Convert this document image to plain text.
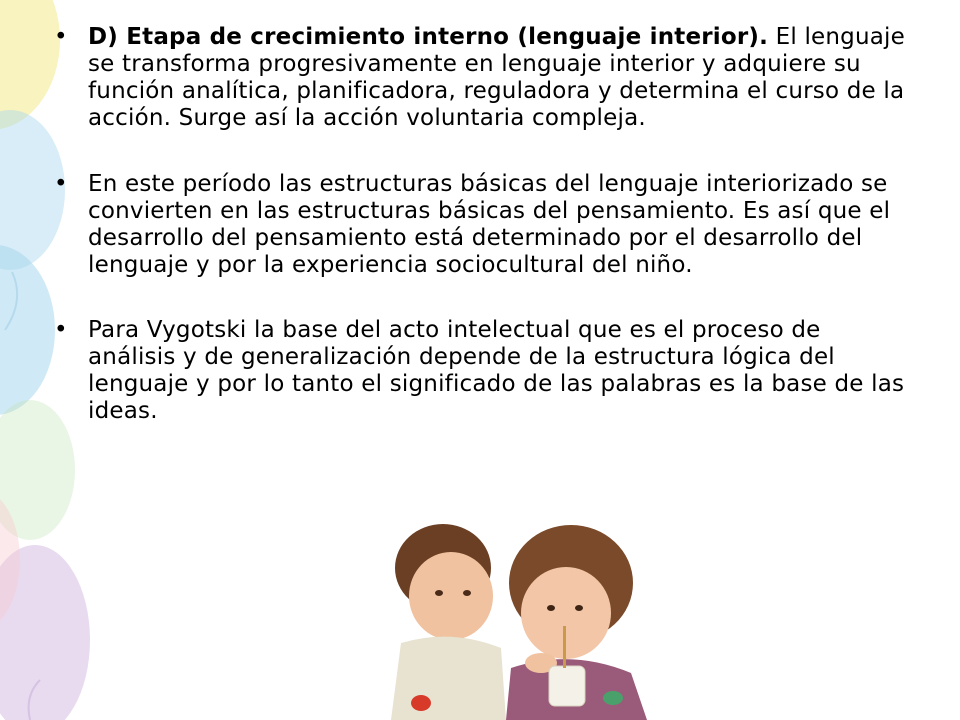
• D) Etapa de crecimiento interno (lenguaje interior). El lenguaje se transforma progresivamente en lenguaje interior y adquiere su función analítica, planificadora, reguladora y determina el curso de la acción. Surge así la acción voluntaria compleja.
• En este período las estructuras básicas del lenguaje interiorizado se convierten en las estructuras básicas del pensamiento. Es así que el desarrollo del pensamiento está determinado por el desarrollo del lenguaje y por la experiencia sociocultural del niño.
• Para Vygotski la base del acto intelectual que es el proceso de análisis y de generalización depende de la estructura lógica del lenguaje y por lo tanto el significado de las palabras es la base de las ideas.
